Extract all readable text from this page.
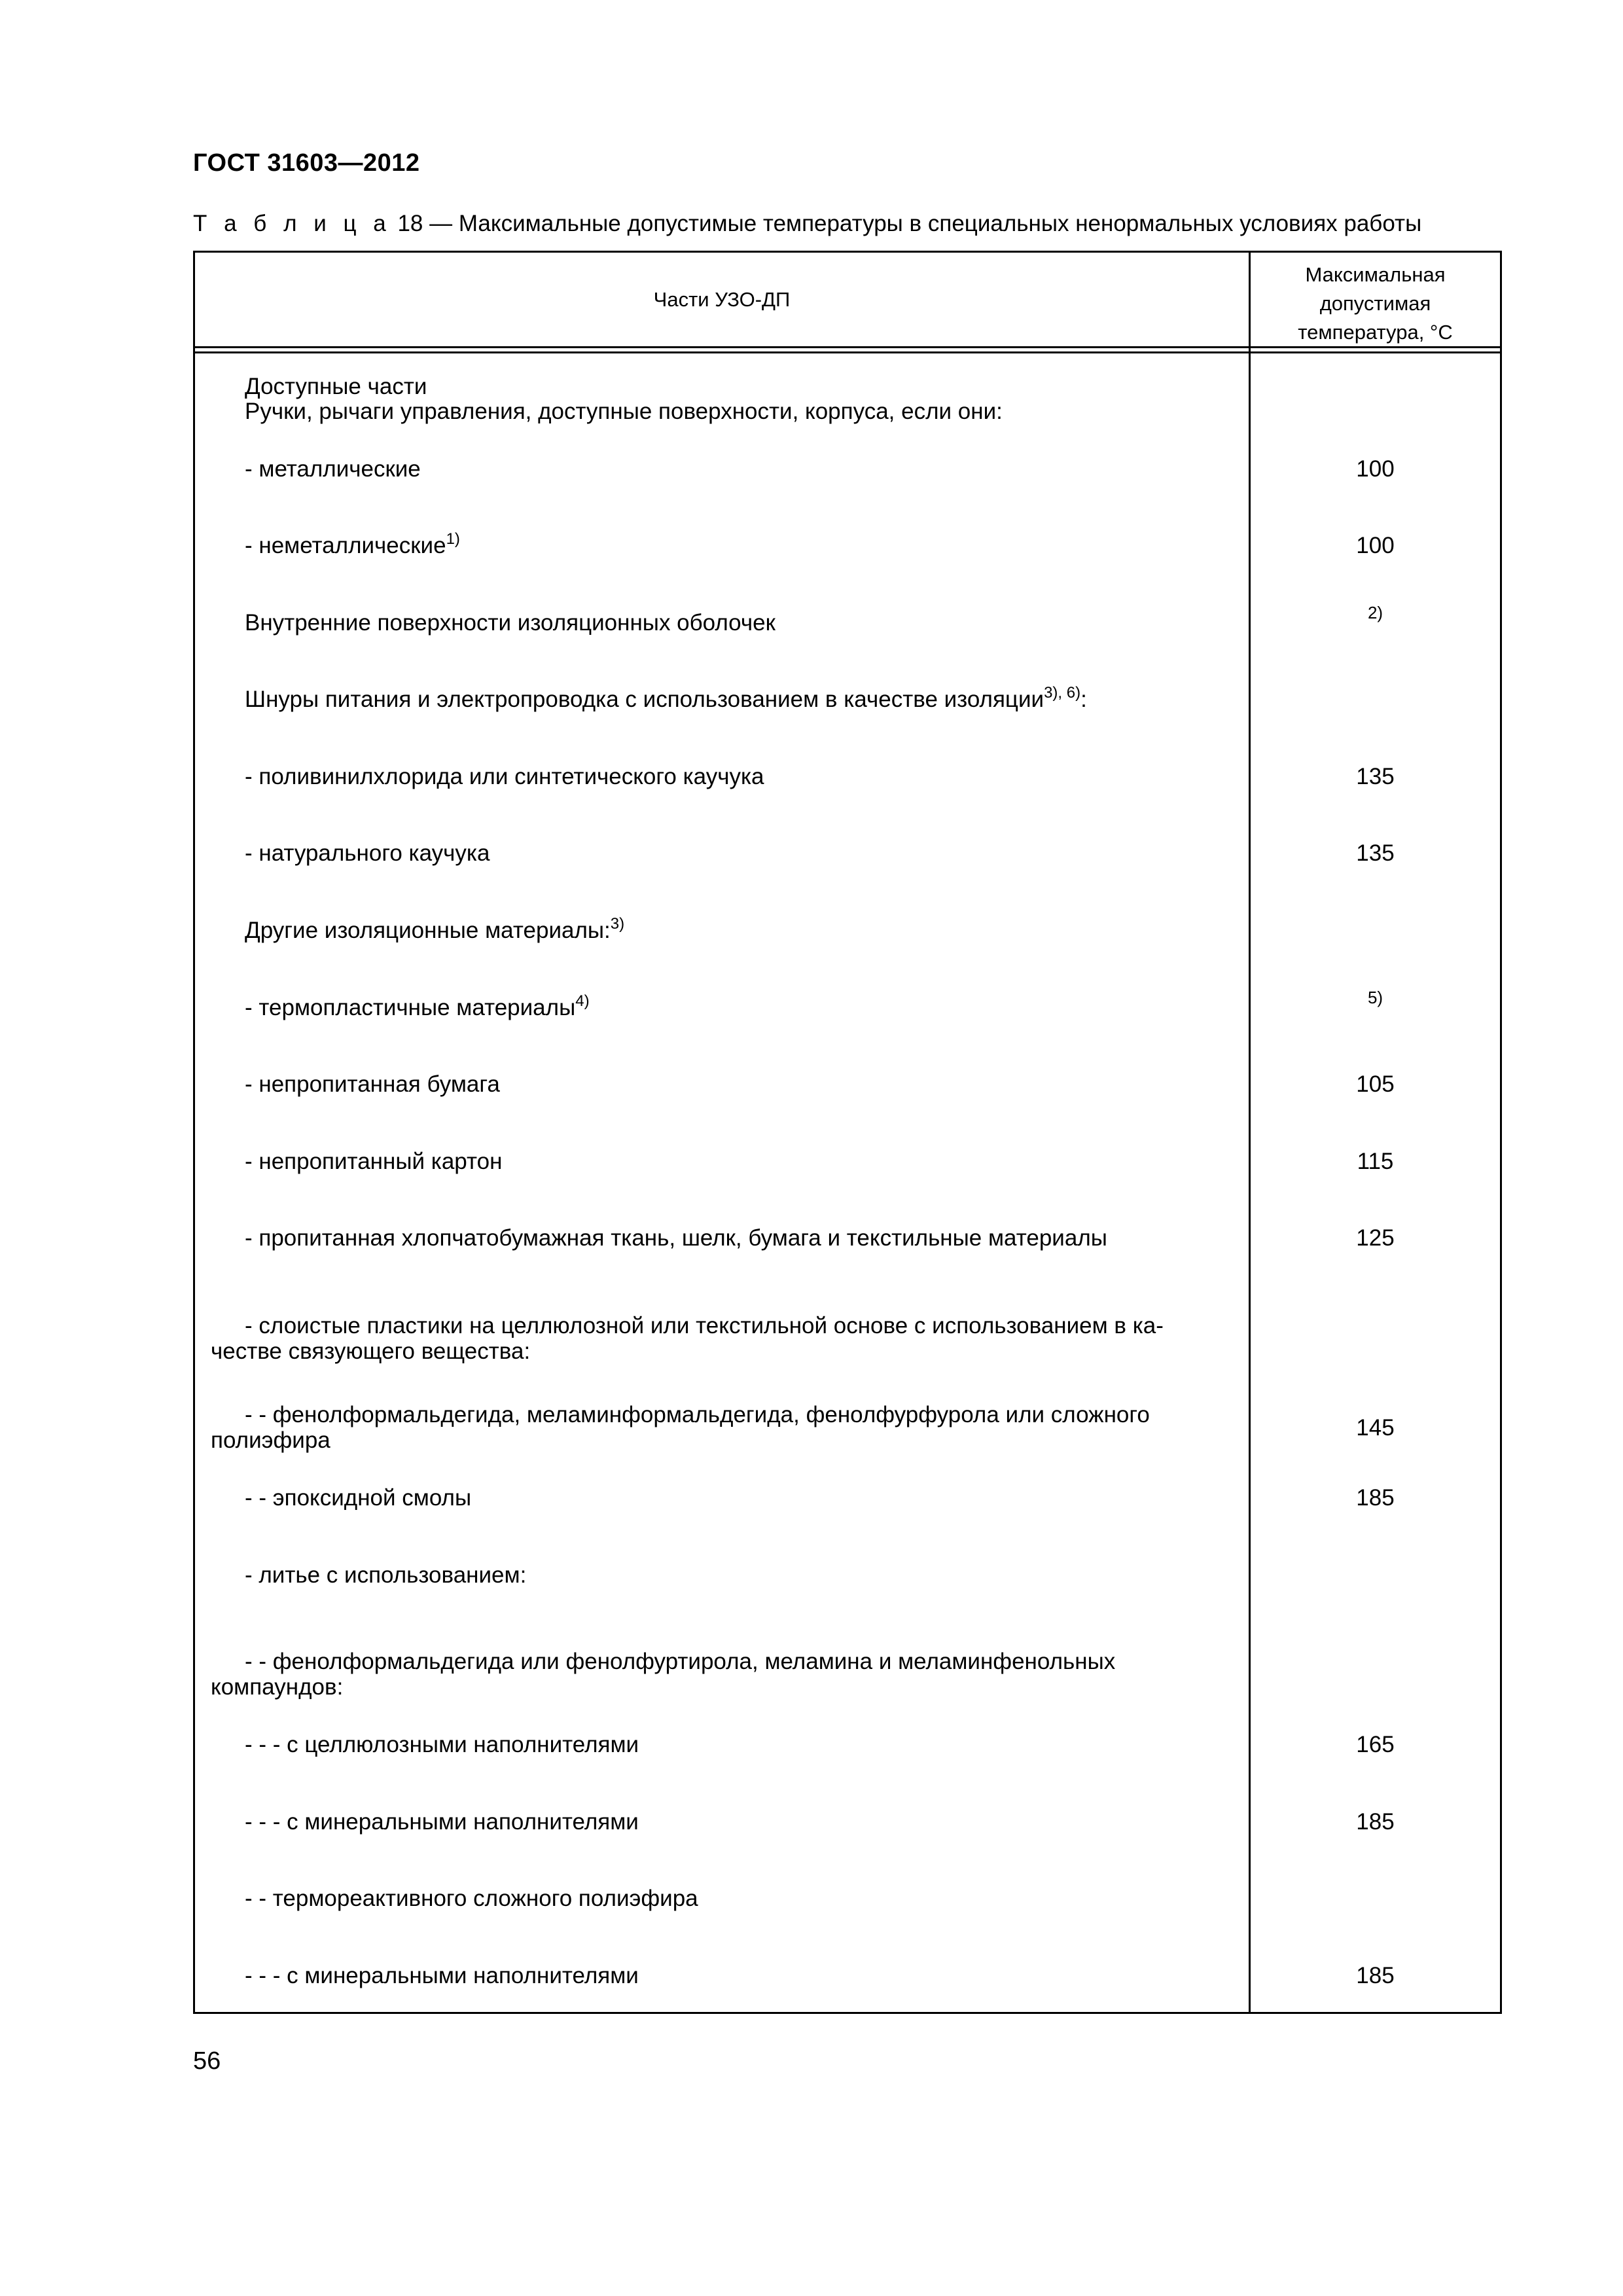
ГОСТ 31603—2012
Т а б л и ц а 18 — Максимальные допустимые температуры в специальных ненормальных условиях работы
Части УЗО-ДП
Максимальная
допустимая
температура, °С
Доступные части
Ручки, рычаги управления, доступные поверхности, корпуса, если они:
- металлические	100
- неметаллические$^{1)}$	100
Внутренние поверхности изоляционных оболочек	2)
Шнуры питания и электропроводка с использованием в качестве изоляции$^{3), 6)}$:
- поливинилхлорида или синтетического каучука	135
- натурального каучука	135
Другие изоляционные материалы:$^{3)}$
- термопластичные материалы$^{4)}$	5)
- непропитанная бумага	105
- непропитанный картон	115
- пропитанная хлопчатобумажная ткань, шелк, бумага и текстильные материалы	125
- слоистые пластики на целлюлозной или текстильной основе с использованием в ка-
честве связующего вещества:
- - фенолформальдегида, меламинформальдегида, фенолфурфурола или сложного
полиэфира	145
- - эпоксидной смолы	185
- литье с использованием:
- - фенолформальдегида или фенолфуртирола, меламина и меламинфенольных
компаундов:
- - - с целлюлозными наполнителями	165
- - - с минеральными наполнителями	185
- - термореактивного сложного полиэфира
- - - с минеральными наполнителями	185
56
